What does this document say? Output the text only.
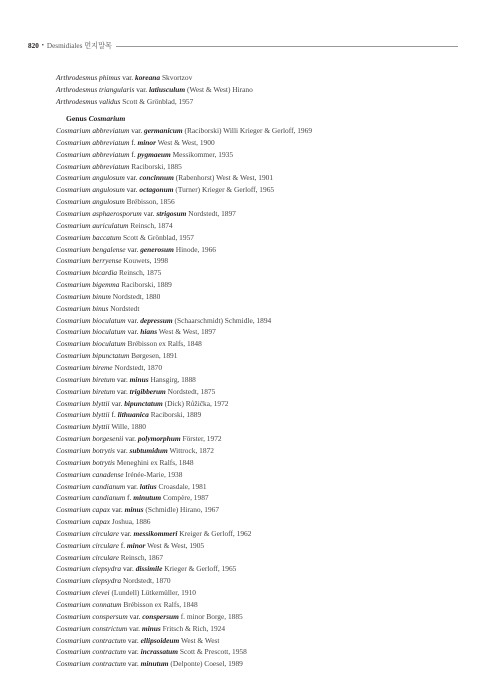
820 • Desmidiales 먼지말목
Arthrodesmus phimus var. koreana Skvortzov
Arthrodesmus triangularis var. latiusculum (West & West) Hirano
Arthrodesmus validus Scott & Grönblad, 1957
Cosmarium abbreviatum var. germanicum (Raciborski) Willi Krieger & Gerloff, 1969
Cosmarium abbreviatum f. minor West & West, 1900
Cosmarium abbreviatum f. pygmaeum Messikommer, 1935
Cosmarium abbreviatum Raciborski, 1885
Cosmarium angulosum var. concinnum (Rabenhorst) West & West, 1901
Cosmarium angulosum var. octagonum (Turner) Krieger & Gerloff, 1965
Cosmarium angulosum Brébisson, 1856
Cosmarium asphaerosporum var. strigosum Nordstedt, 1897
Cosmarium auriculatum Reinsch, 1874
Cosmarium baccatum Scott & Grönblad, 1957
Cosmarium bengalense var. generosum Hinode, 1966
Cosmarium berryense Kouwets, 1998
Cosmarium bicardia Reinsch, 1875
Cosmarium bigemma Raciborski, 1889
Cosmarium binum Nordstedt, 1880
Cosmarium binus Nordstedt
Cosmarium bioculatum var. depressum (Schaarschmidt) Schmidle, 1894
Cosmarium bioculatum var. hians West & West, 1897
Cosmarium bioculatum Brébisson ex Ralfs, 1848
Cosmarium bipunctatum Børgesen, 1891
Cosmarium bireme Nordstedt, 1870
Cosmarium biretum var. minus Hansgirg, 1888
Cosmarium biretum var. trigibberum Nordstedt, 1875
Cosmarium blyttii var. bipunctatum (Dick) Růžička, 1972
Cosmarium blyttii f. lithuanica Raciborski, 1889
Cosmarium blyttii Wille, 1880
Cosmarium borgesenii var. polymorphum Förster, 1972
Cosmarium botrytis var. subtumidum Wittrock, 1872
Cosmarium botrytis Meneghini ex Ralfs, 1848
Cosmarium canadense Irénée-Marie, 1938
Cosmarium candianum var. latius Croasdale, 1981
Cosmarium candianum f. minutum Compère, 1987
Cosmarium capax var. minus (Schmidle) Hirano, 1967
Cosmarium capax Joshua, 1886
Cosmarium circulare var. messikommeri Kreiger & Gerloff, 1962
Cosmarium circulare f. minor West & West, 1905
Cosmarium circulare Reinsch, 1867
Cosmarium clepsydra var. dissimile Krieger & Gerloff, 1965
Cosmarium clepsydra Nordstedt, 1870
Cosmarium clevei (Lundell) Lütkemüller, 1910
Cosmarium connatum Brébisson ex Ralfs, 1848
Cosmarium conspersum var. conspersum f. minor Borge, 1885
Cosmarium constrictum var. minus Fritsch & Rich, 1924
Cosmarium contractum var. ellipsoideum West & West
Cosmarium contractum var. incrassatum Scott & Prescott, 1958
Cosmarium contractum var. minutum (Delponte) Coesel, 1989
Genus Cosmarium
